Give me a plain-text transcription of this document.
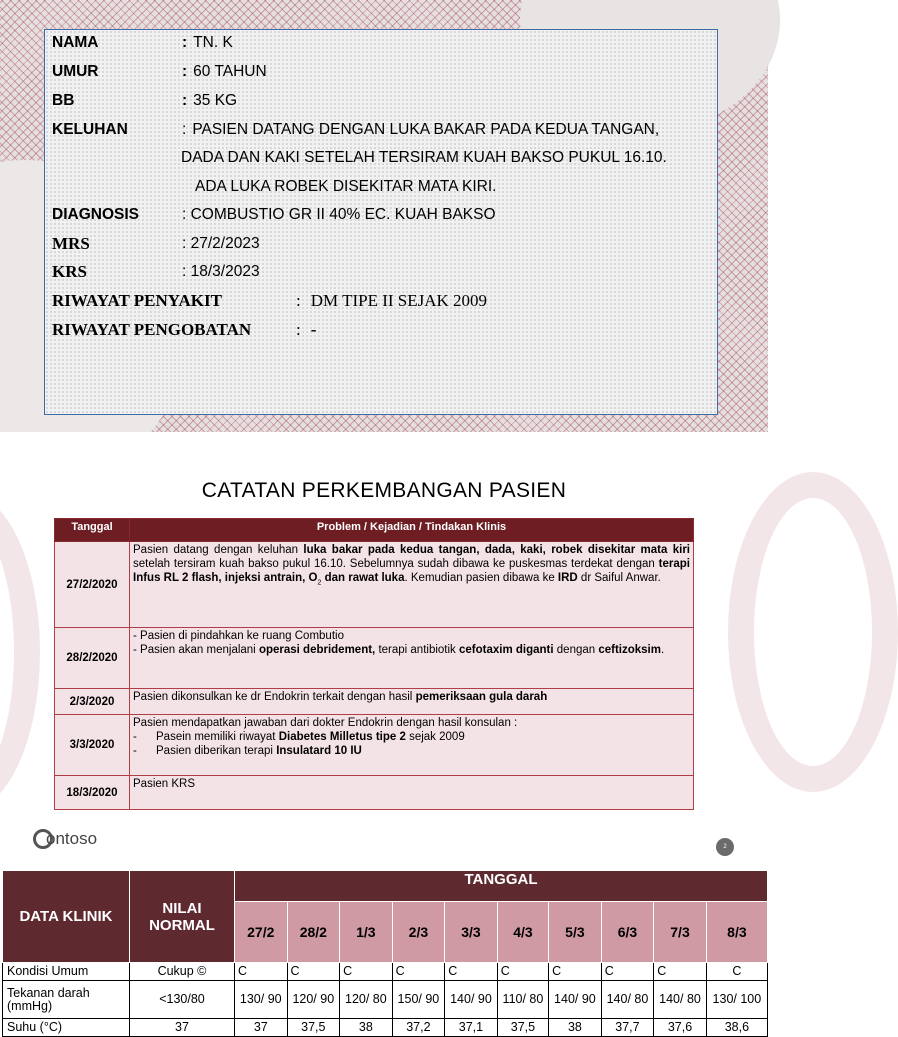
NAMA	: TN. K
UMUR	: 60 TAHUN
BB	: 35 KG
KELUHAN	: PASIEN DATANG DENGAN LUKA BAKAR PADA KEDUA TANGAN,
DADA DAN KAKI SETELAH TERSIRAM KUAH BAKSO PUKUL 16.10.
ADA LUKA ROBEK DISEKITAR MATA KIRI.
DIAGNOSIS	: COMBUSTIO GR II 40% EC. KUAH BAKSO
MRS	: 27/2/2023
KRS	: 18/3/2023
RIWAYAT PENYAKIT	: DM TIPE II SEJAK 2009
RIWAYAT PENGOBATAN	: -
CATATAN PERKEMBANGAN PASIEN
Tanggal	Problem / Kejadian / Tindakan Klinis
27/2/2020	Pasien datang dengan keluhan luka bakar pada kedua tangan, dada, kaki, robek disekitar mata kiri setelah tersiram kuah bakso pukul 16.10. Sebelumnya sudah dibawa ke puskesmas terdekat dengan terapi Infus RL 2 flash, injeksi antrain, $O_2$ dan rawat luka. Kemudian pasien dibawa ke IRD dr Saiful Anwar.
28/2/2020	- Pasien di pindahkan ke ruang Combutio
- Pasien akan menjalani operasi debridement, terapi antibiotik cefotaxim diganti dengan ceftizoksim.
2/3/2020	Pasien dikonsulkan ke dr Endokrin terkait dengan hasil pemeriksaan gula darah
3/3/2020	Pasien mendapatkan jawaban dari dokter Endokrin dengan hasil konsulan :
-      Pasein memiliki riwayat Diabetes Milletus tipe 2 sejak 2009
-      Pasien diberikan terapi Insulatard 10 IU

18/3/2020	Pasien KRS
ontoso	2
DATA KLINIK	NILAI NORMAL	TANGGAL									
		27/2	28/2	1/3	2/3	3/3	4/3	5/3	6/3	7/3	8/3
Kondisi Umum	Cukup ©	C	C	C	C	C	C	C	C	C	C
Tekanan darah (mmHg)	<130/80	130/ 90	120/ 90	120/ 80	150/ 90	140/ 90	110/ 80	140/ 90	140/ 80	140/ 80	130/ 100
Suhu (°C)	37	37	37,5	38	37,2	37,1	37,5	38	37,7	37,6	38,6
